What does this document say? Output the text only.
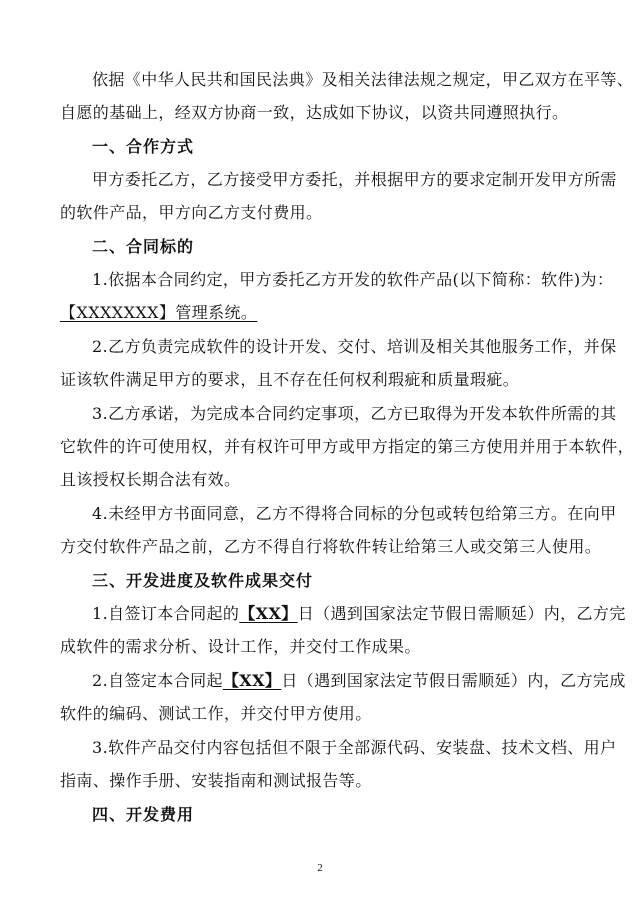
依据《中华人民共和国民法典》及相关法律法规之规定，甲乙双方在平等、
自愿的基础上，经双方协商一致，达成如下协议，以资共同遵照执行。
一、合作方式
甲方委托乙方，乙方接受甲方委托，并根据甲方的要求定制开发甲方所需
的软件产品，甲方向乙方支付费用。
二、合同标的
1.依据本合同约定，甲方委托乙方开发的软件产品(以下简称：软件)为：
【XXXXXXX】管理系统。
2.乙方负责完成软件的设计开发、交付、培训及相关其他服务工作，并保
证该软件满足甲方的要求，且不存在任何权利瑕疵和质量瑕疵。
3.乙方承诺，为完成本合同约定事项，乙方已取得为开发本软件所需的其
它软件的许可使用权，并有权许可甲方或甲方指定的第三方使用并用于本软件，
且该授权长期合法有效。
4.未经甲方书面同意，乙方不得将合同标的分包或转包给第三方。在向甲
方交付软件产品之前，乙方不得自行将软件转让给第三人或交第三人使用。
三、开发进度及软件成果交付
1.自签订本合同起的【XX】日（遇到国家法定节假日需顺延）内，乙方完
成软件的需求分析、设计工作，并交付工作成果。
2.自签定本合同起【XX】日（遇到国家法定节假日需顺延）内，乙方完成
软件的编码、测试工作，并交付甲方使用。
3.软件产品交付内容包括但不限于全部源代码、安装盘、技术文档、用户
指南、操作手册、安装指南和测试报告等。
四、开发费用
2
